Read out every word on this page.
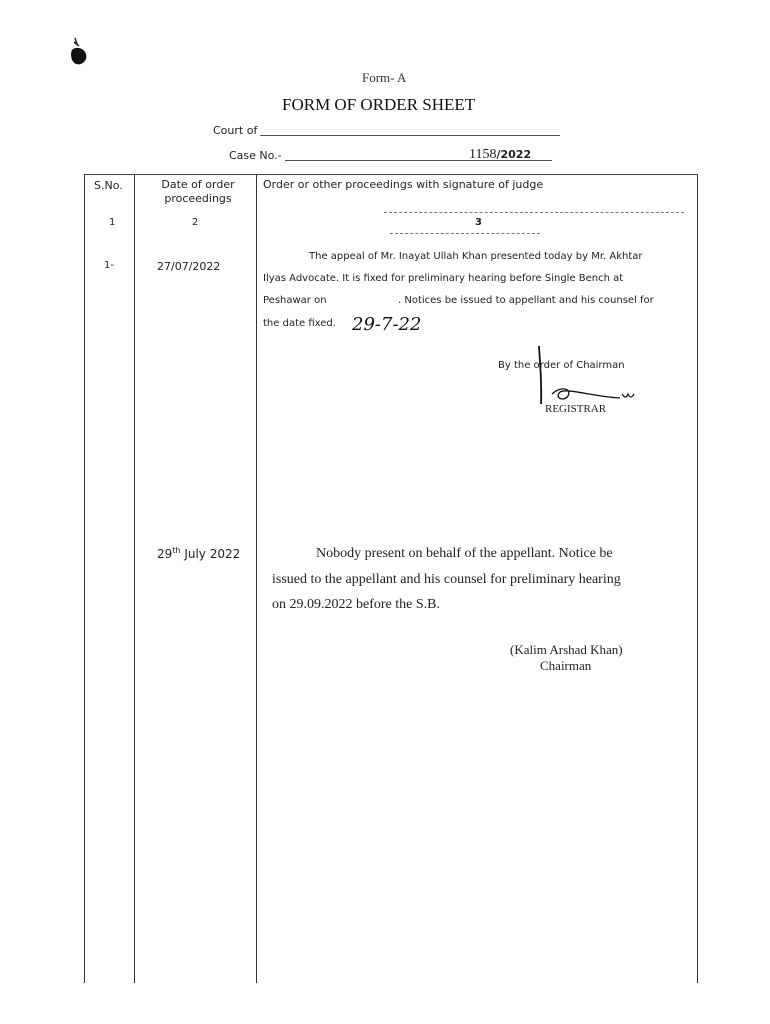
Form- A
FORM OF ORDER SHEET
Court of
Case No.-	1158/2022
S.No.	Date of order proceedings
Order or other proceedings with signature of judge
1	2	3
1-	27/07/2022
The appeal of Mr. Inayat Ullah Khan presented today by Mr. Akhtar
Ilyas Advocate. It is fixed for preliminary hearing before Single Bench at
Peshawar on	. Notices be issued to appellant and his counsel for
the date fixed. 29-7-22
By the order of Chairman
REGISTRAR
29th July 2022	Nobody present on behalf of the appellant. Notice be
issued to the appellant and his counsel for preliminary hearing
on 29.09.2022 before the S.B.
(Kalim Arshad Khan)
Chairman
